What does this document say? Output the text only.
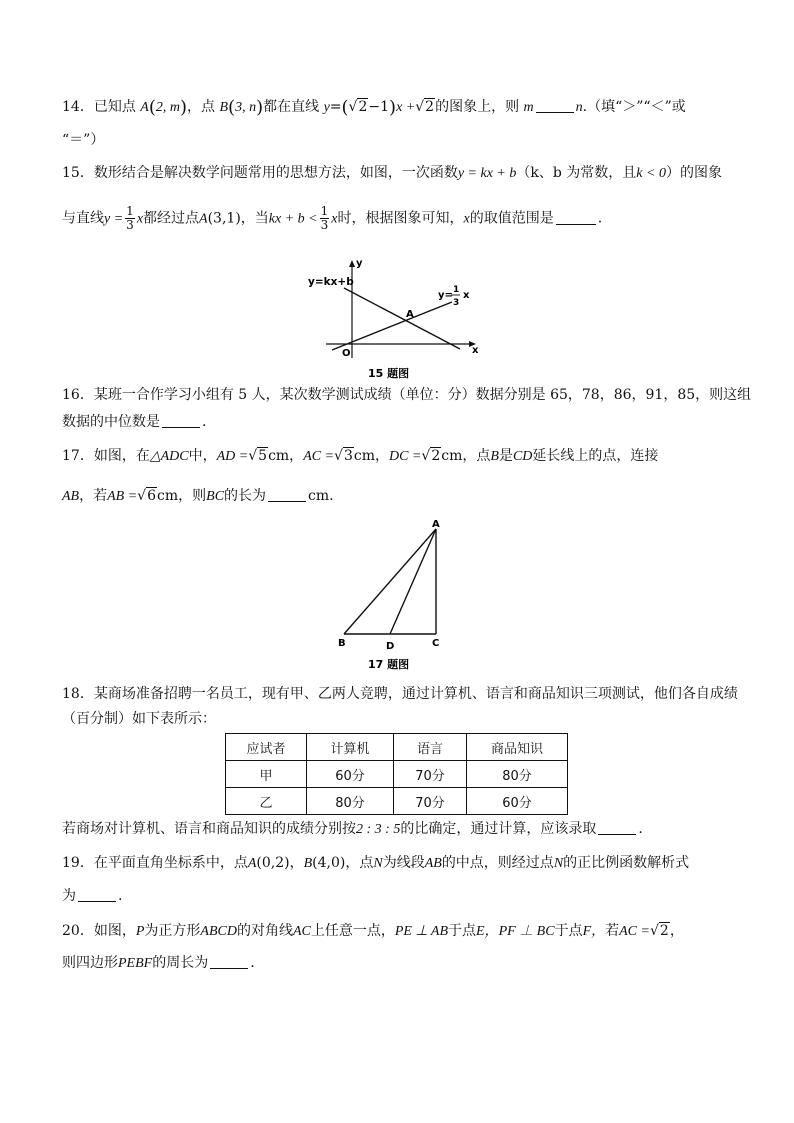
14．已知点 A(2, m)，点 B(3, n)都在直线 y=(√2−1)x +√2的图象上，则 m	n.（填“＞”“＜”或
“＝”）
15．数形结合是解决数学问题常用的思想方法，如图，一次函数y = kx + b（k、b 为常数，且k < 0）的图象
与直线$y = \frac{1}{3}$ x都经过点A(3,1)，当kx + $b < \frac{1}{3}$ x时，根据图象可知，x的取值范围是	.
y=kx+b
y
y= 1
3
x
A
O	x
15 题图
16．某班一合作学习小组有 5 人，某次数学测试成绩（单位：分）数据分别是 65，78，86，91，85，则这组
数据的中位数是	.
17．如图，在△ADC中，AD =√5cm，AC =√3cm，DC =√2cm，点B是CD延长线上的点，连接
AB，若AB =√6cm，则BC的长为	cm.
A
B	D	C
17 题图
18．某商场准备招聘一名员工，现有甲、乙两人竞聘，通过计算机、语言和商品知识三项测试，他们各自成绩
（百分制）如下表所示：
应试者	计算机	语言	商品知识
甲	60分	70分	80分
乙	80分	70分	60分
若商场对计算机、语言和商品知识的成绩分别按2 : 3 : 5的比确定，通过计算，应该录取	.
19．在平面直角坐标系中，点A(0,2)，B(4,0)，点N为线段AB的中点，则经过点N的正比例函数解析式
为	.
20．如图，P为正方形ABCD的对角线AC上任意一点，PE ⊥ AB于点E，PF ⊥ BC于点F，若AC =√2，
则四边形PEBF的周长为	.
